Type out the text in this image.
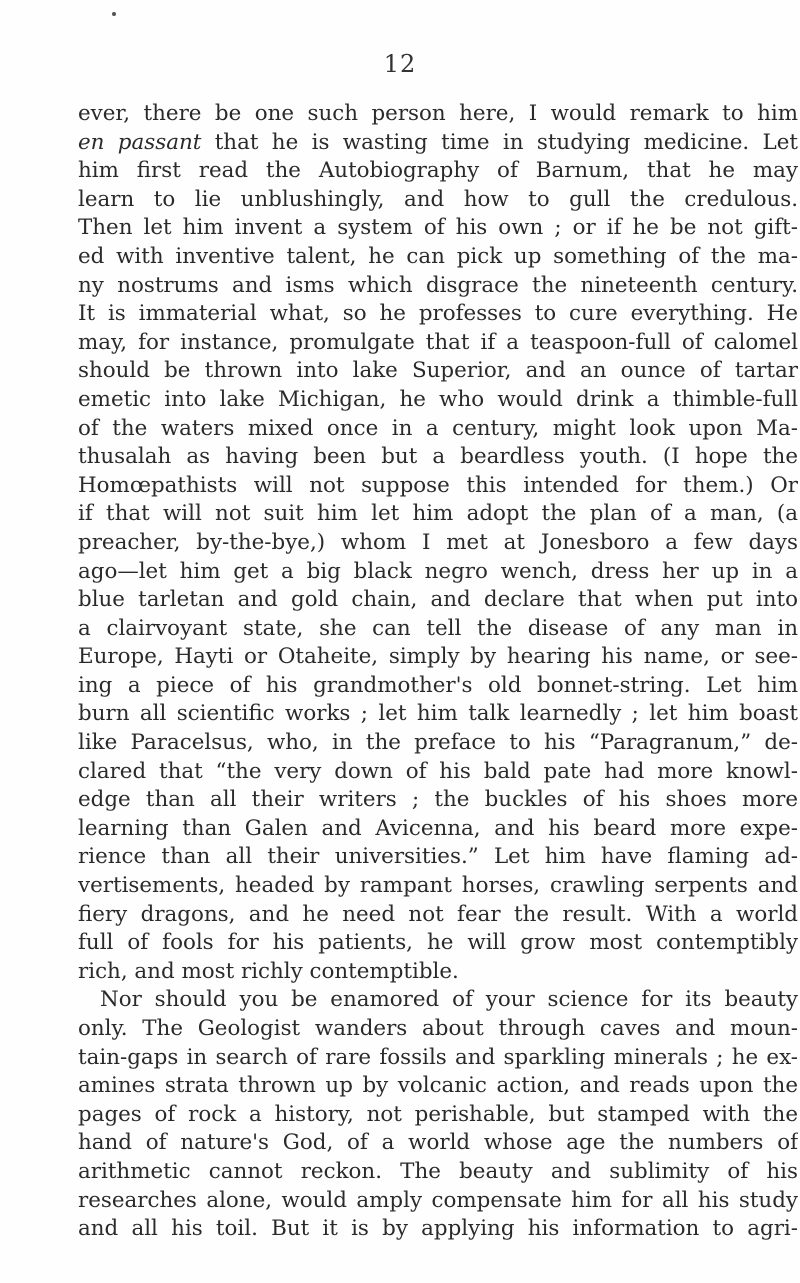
12
ever, there be one such person here, I would remark to him
en passant that he is wasting time in studying medicine. Let
him first read the Autobiography of Barnum, that he may
learn to lie unblushingly, and how to gull the credulous.
Then let him invent a system of his own ; or if he be not gift-
ed with inventive talent, he can pick up something of the ma-
ny nostrums and isms which disgrace the nineteenth century.
It is immaterial what, so he professes to cure everything. He
may, for instance, promulgate that if a teaspoon-full of calomel
should be thrown into lake Superior, and an ounce of tartar
emetic into lake Michigan, he who would drink a thimble-full
of the waters mixed once in a century, might look upon Ma-
thusalah as having been but a beardless youth. (I hope the
Homœpathists will not suppose this intended for them.) Or
if that will not suit him let him adopt the plan of a man, (a
preacher, by-the-bye,) whom I met at Jonesboro a few days
ago—let him get a big black negro wench, dress her up in a
blue tarletan and gold chain, and declare that when put into
a clairvoyant state, she can tell the disease of any man in
Europe, Hayti or Otaheite, simply by hearing his name, or see-
ing a piece of his grandmother's old bonnet-string. Let him
burn all scientific works ; let him talk learnedly ; let him boast
like Paracelsus, who, in the preface to his “Paragranum,” de-
clared that “the very down of his bald pate had more knowl-
edge than all their writers ; the buckles of his shoes more
learning than Galen and Avicenna, and his beard more expe-
rience than all their universities.” Let him have flaming ad-
vertisements, headed by rampant horses, crawling serpents and
fiery dragons, and he need not fear the result. With a world
full of fools for his patients, he will grow most contemptibly
rich, and most richly contemptible.
Nor should you be enamored of your science for its beauty
only. The Geologist wanders about through caves and moun-
tain-gaps in search of rare fossils and sparkling minerals ; he ex-
amines strata thrown up by volcanic action, and reads upon the
pages of rock a history, not perishable, but stamped with the
hand of nature's God, of a world whose age the numbers of
arithmetic cannot reckon. The beauty and sublimity of his
researches alone, would amply compensate him for all his study
and all his toil. But it is by applying his information to agri-
